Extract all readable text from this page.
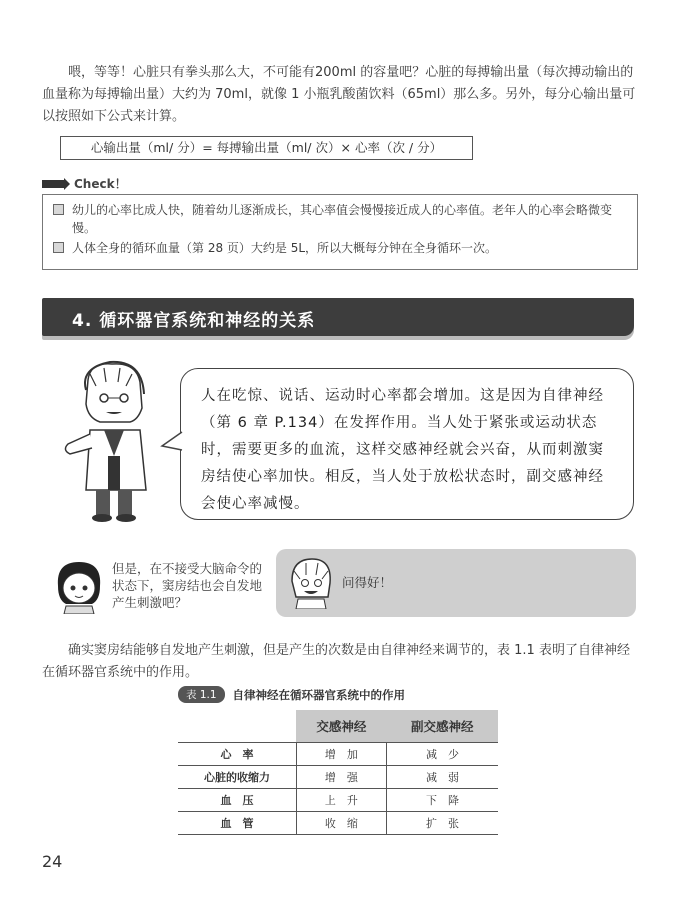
喂，等等！心脏只有拳头那么大，不可能有200ml 的容量吧？心脏的每搏输出量（每次搏动输出的血量称为每搏输出量）大约为 70ml，就像 1 小瓶乳酸菌饮料（65ml）那么多。另外，每分心输出量可以按照如下公式来计算。
心输出量（ml/ 分）= 每搏输出量（ml/ 次）× 心率（次 / 分）
Check！
幼儿的心率比成人快，随着幼儿逐渐成长，其心率值会慢慢接近成人的心率值。老年人的心率会略微变慢。
人体全身的循环血量（第 28 页）大约是 5L，所以大概每分钟在全身循环一次。
4. 循环器官系统和神经的关系
人在吃惊、说话、运动时心率都会增加。这是因为自律神经（第 6 章 P.134）在发挥作用。当人处于紧张或运动状态时，需要更多的血流，这样交感神经就会兴奋，从而刺激窦房结使心率加快。相反，当人处于放松状态时，副交感神经会使心率减慢。
但是，在不接受大脑命令的状态下，窦房结也会自发地产生刺激吧？
问得好！
确实窦房结能够自发地产生刺激，但是产生的次数是由自律神经来调节的，表 1.1 表明了自律神经在循环器官系统中的作用。
表 1.1	自律神经在循环器官系统中的作用
	交感神经	副交感神经
心　率	增　加	减　少
心脏的收缩力	增　强	减　弱
血　压	上　升	下　降
血　管	收　缩	扩　张
24
